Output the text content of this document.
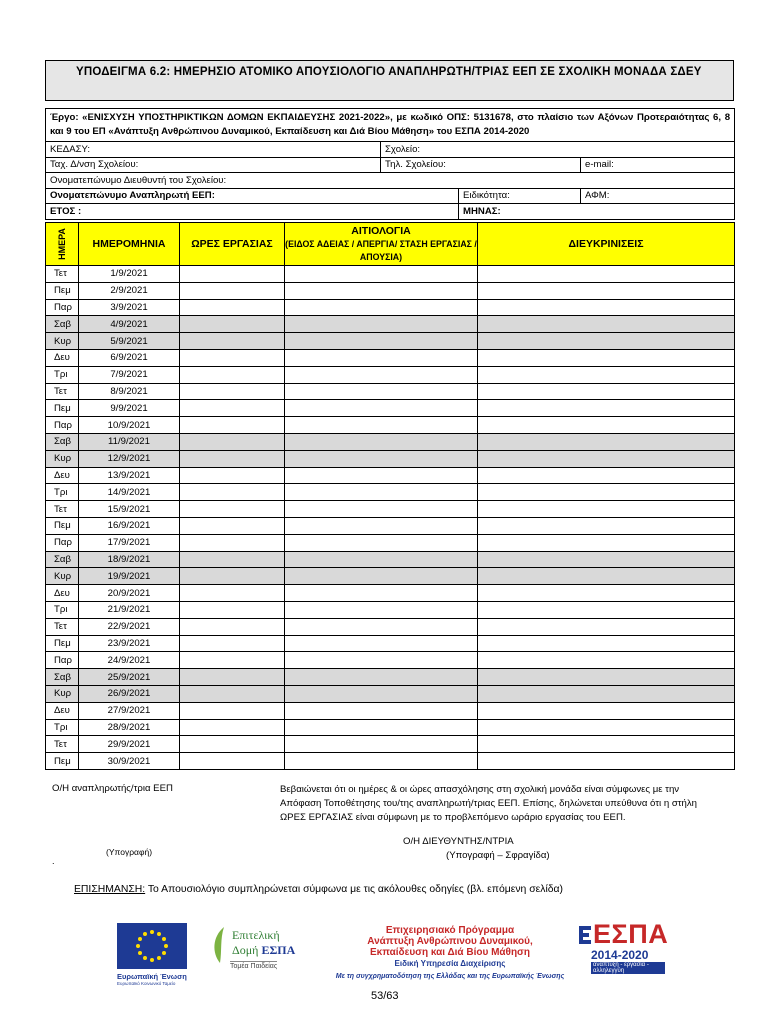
ΥΠΟΔΕΙΓΜΑ 6.2: ΗΜΕΡΗΣΙΟ ΑΤΟΜΙΚΟ ΑΠΟΥΣΙΟΛΟΓΙΟ ΑΝΑΠΛΗΡΩΤΗ/ΤΡΙΑΣ ΕΕΠ ΣΕ ΣΧΟΛΙΚΗ ΜΟΝΑΔΑ ΣΔΕΥ
Έργο: «ΕΝΙΣΧΥΣΗ ΥΠΟΣΤΗΡΙΚΤΙΚΩΝ ΔΟΜΩΝ ΕΚΠΑΙΔΕΥΣΗΣ 2021-2022», με κωδικό ΟΠΣ: 5131678, στο πλαίσιο των Αξόνων Προτεραιότητας 6, 8 και 9 του ΕΠ «Ανάπτυξη Ανθρώπινου Δυναμικού, Εκπαίδευση και Διά Βίου Μάθηση» του ΕΣΠΑ 2014-2020			
ΚΕΔΑΣΥ:	Σχολείο:		
Ταχ. Δ/νση Σχολείου:	Τηλ. Σχολείου:		e-mail:
Ονοματεπώνυμο Διευθυντή του Σχολείου:			
Ονοματεπώνυμο Αναπληρωτή ΕΕΠ:		Ειδικότητα:	ΑΦΜ:
ΕΤΟΣ :		ΜΗΝΑΣ:	
ΗΜΕΡΑ	ΗΜΕΡΟΜΗΝΙΑ	ΩΡΕΣ ΕΡΓΑΣΙΑΣ	ΑΙΤΙΟΛΟΓΙΑ
(ΕΙΔΟΣ ΑΔΕΙΑΣ / ΑΠΕΡΓΙΑ/ ΣΤΑΣΗ ΕΡΓΑΣΙΑΣ /ΑΠΟΥΣΙΑ)	ΔΙΕΥΚΡΙΝΙΣΕΙΣ
Τετ	1/9/2021			
Πεμ	2/9/2021			
Παρ	3/9/2021			
Σαβ	4/9/2021			
Κυρ	5/9/2021			
Δευ	6/9/2021			
Τρι	7/9/2021			
Τετ	8/9/2021			
Πεμ	9/9/2021			
Παρ	10/9/2021			
Σαβ	11/9/2021			
Κυρ	12/9/2021			
Δευ	13/9/2021			
Τρι	14/9/2021			
Τετ	15/9/2021			
Πεμ	16/9/2021			
Παρ	17/9/2021			
Σαβ	18/9/2021			
Κυρ	19/9/2021			
Δευ	20/9/2021			
Τρι	21/9/2021			
Τετ	22/9/2021			
Πεμ	23/9/2021			
Παρ	24/9/2021			
Σαβ	25/9/2021			
Κυρ	26/9/2021			
Δευ	27/9/2021			
Τρι	28/9/2021			
Τετ	29/9/2021			
Πεμ	30/9/2021			
Ο/Η αναπληρωτής/τρια ΕΕΠ	Βεβαιώνεται ότι οι ημέρες & οι ώρες απασχόλησης στη σχολική μονάδα είναι σύμφωνες με την Απόφαση Τοποθέτησης του/της αναπληρωτή/τριας ΕΕΠ. Επίσης, δηλώνεται υπεύθυνα ότι η στήλη ΩΡΕΣ ΕΡΓΑΣΙΑΣ είναι σύμφωνη με το προβλεπόμενο ωράριο εργασίας του ΕΕΠ.
(Υπογραφή)
Ο/Η ΔΙΕΥΘΥΝΤΗΣ/ΝΤΡΙΑ
(Υπογραφή – Σφραγίδα)
.
ΕΠΙΣΗΜΑΝΣΗ: Το Απουσιολόγιο συμπληρώνεται σύμφωνα με τις ακόλουθες οδηγίες (βλ. επόμενη σελίδα)
Ευρωπαϊκή Ένωση
Ευρωπαϊκό Κοινωνικό Ταμείο
Επιτελική
Δομή ΕΣΠΑ
Τομέα Παιδείας
Επιχειρησιακό Πρόγραμμα
Ανάπτυξη Ανθρώπινου Δυναμικού,
Εκπαίδευση και Διά Βίου Μάθηση
Ειδική Υπηρεσία Διαχείρισης
Με τη συγχρηματοδότηση της Ελλάδας και της Ευρωπαϊκής Ένωσης
ΕΣΠΑ
2014-2020
ανάπτυξη - εργασία - αλληλεγγύη
53/63
